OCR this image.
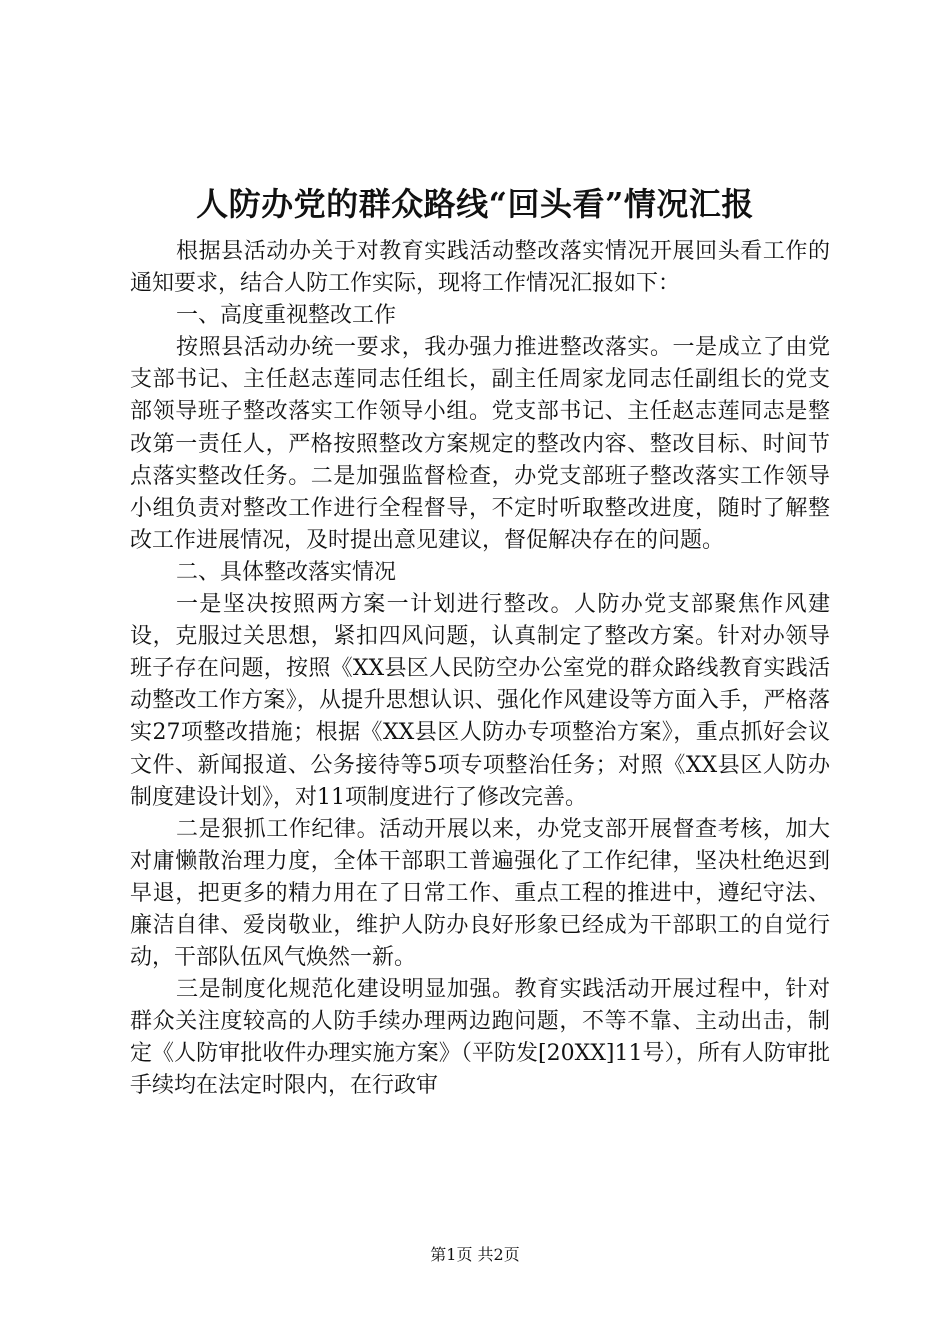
人防办党的群众路线“回头看”情况汇报

根据县活动办关于对教育实践活动整改落实情况开展回头看工作的通知要求，结合人防工作实际，现将工作情况汇报如下：

一、高度重视整改工作

按照县活动办统一要求，我办强力推进整改落实。一是成立了由党支部书记、主任赵志莲同志任组长，副主任周家龙同志任副组长的党支部领导班子整改落实工作领导小组。党支部书记、主任赵志莲同志是整改第一责任人，严格按照整改方案规定的整改内容、整改目标、时间节点落实整改任务。二是加强监督检查，办党支部班子整改落实工作领导小组负责对整改工作进行全程督导，不定时听取整改进度，随时了解整改工作进展情况，及时提出意见建议，督促解决存在的问题。

二、具体整改落实情况

一是坚决按照两方案一计划进行整改。人防办党支部聚焦作风建设，克服过关思想，紧扣四风问题，认真制定了整改方案。针对办领导班子存在问题，按照《XX县区人民防空办公室党的群众路线教育实践活动整改工作方案》，从提升思想认识、强化作风建设等方面入手，严格落实27项整改措施；根据《XX县区人防办专项整治方案》，重点抓好会议文件、新闻报道、公务接待等5项专项整治任务；对照《XX县区人防办制度建设计划》，对11项制度进行了修改完善。

二是狠抓工作纪律。活动开展以来，办党支部开展督查考核，加大对庸懒散治理力度，全体干部职工普遍强化了工作纪律，坚决杜绝迟到早退，把更多的精力用在了日常工作、重点工程的推进中，遵纪守法、廉洁自律、爱岗敬业，维护人防办良好形象已经成为干部职工的自觉行动，干部队伍风气焕然一新。

三是制度化规范化建设明显加强。教育实践活动开展过程中，针对群众关注度较高的人防手续办理两边跑问题，不等不靠、主动出击，制定《人防审批收件办理实施方案》（平防发[20XX]11号），所有人防审批手续均在法定时限内，在行政审

第1页 共2页
